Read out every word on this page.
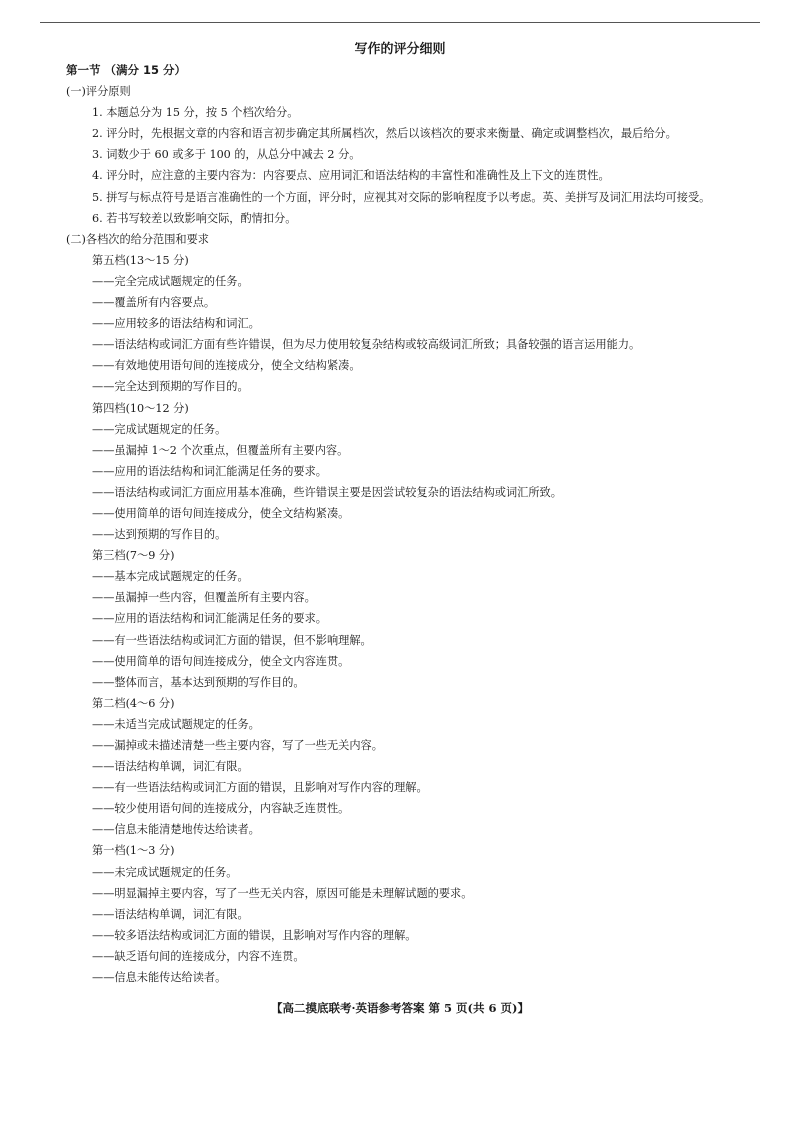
写作的评分细则
第一节 （满分 15 分）
(一)评分原则
1. 本题总分为 15 分，按 5 个档次给分。
2. 评分时，先根据文章的内容和语言初步确定其所属档次，然后以该档次的要求来衡量、确定或调整档次，最后给分。
3. 词数少于 60 或多于 100 的，从总分中减去 2 分。
4. 评分时，应注意的主要内容为：内容要点、应用词汇和语法结构的丰富性和准确性及上下文的连贯性。
5. 拼写与标点符号是语言准确性的一个方面，评分时，应视其对交际的影响程度予以考虑。英、美拼写及词汇用法均可接受。
6. 若书写较差以致影响交际，酌情扣分。
(二)各档次的给分范围和要求
第五档(13～15 分)
——完全完成试题规定的任务。
——覆盖所有内容要点。
——应用较多的语法结构和词汇。
——语法结构或词汇方面有些许错误，但为尽力使用较复杂结构或较高级词汇所致；具备较强的语言运用能力。
——有效地使用语句间的连接成分，使全文结构紧凑。
——完全达到预期的写作目的。
第四档(10～12 分)
——完成试题规定的任务。
——虽漏掉 1～2 个次重点，但覆盖所有主要内容。
——应用的语法结构和词汇能满足任务的要求。
——语法结构或词汇方面应用基本准确，些许错误主要是因尝试较复杂的语法结构或词汇所致。
——使用简单的语句间连接成分，使全文结构紧凑。
——达到预期的写作目的。
第三档(7～9 分)
——基本完成试题规定的任务。
——虽漏掉一些内容，但覆盖所有主要内容。
——应用的语法结构和词汇能满足任务的要求。
——有一些语法结构或词汇方面的错误，但不影响理解。
——使用简单的语句间连接成分，使全文内容连贯。
——整体而言，基本达到预期的写作目的。
第二档(4～6 分)
——未适当完成试题规定的任务。
——漏掉或未描述清楚一些主要内容，写了一些无关内容。
——语法结构单调，词汇有限。
——有一些语法结构或词汇方面的错误，且影响对写作内容的理解。
——较少使用语句间的连接成分，内容缺乏连贯性。
——信息未能清楚地传达给读者。
第一档(1～3 分)
——未完成试题规定的任务。
——明显漏掉主要内容，写了一些无关内容，原因可能是未理解试题的要求。
——语法结构单调，词汇有限。
——较多语法结构或词汇方面的错误，且影响对写作内容的理解。
——缺乏语句间的连接成分，内容不连贯。
——信息未能传达给读者。
【高二摸底联考·英语参考答案 第 5 页(共 6 页)】
